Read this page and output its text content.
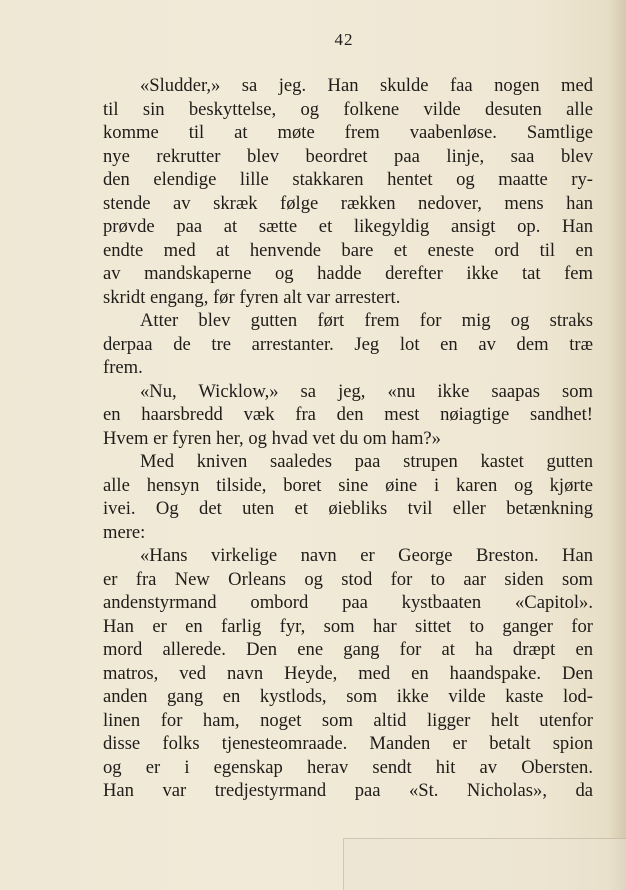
42
«Sludder,» sa jeg. Han skulde faa nogen med
til sin beskyttelse, og folkene vilde desuten alle
komme til at møte frem vaabenløse. Samtlige
nye rekrutter blev beordret paa linje, saa blev
den elendige lille stakkaren hentet og maatte ry-
stende av skræk følge rækken nedover, mens han
prøvde paa at sætte et likegyldig ansigt op. Han
endte med at henvende bare et eneste ord til en
av mandskaperne og hadde derefter ikke tat fem
skridt engang, før fyren alt var arrestert.
Atter blev gutten ført frem for mig og straks
derpaa de tre arrestanter. Jeg lot en av dem træ
frem.
«Nu, Wicklow,» sa jeg, «nu ikke saapas som
en haarsbredd væk fra den mest nøiagtige sandhet!
Hvem er fyren her, og hvad vet du om ham?»
Med kniven saaledes paa strupen kastet gutten
alle hensyn tilside, boret sine øine i karen og kjørte
ivei. Og det uten et øiebliks tvil eller betænkning
mere:
«Hans virkelige navn er George Breston. Han
er fra New Orleans og stod for to aar siden som
andenstyrmand ombord paa kystbaaten «Capitol».
Han er en farlig fyr, som har sittet to ganger for
mord allerede. Den ene gang for at ha dræpt en
matros, ved navn Heyde, med en haandspake. Den
anden gang en kystlods, som ikke vilde kaste lod-
linen for ham, noget som altid ligger helt utenfor
disse folks tjenesteomraade. Manden er betalt spion
og er i egenskap herav sendt hit av Obersten.
Han var tredjestyrmand paa «St. Nicholas», da
